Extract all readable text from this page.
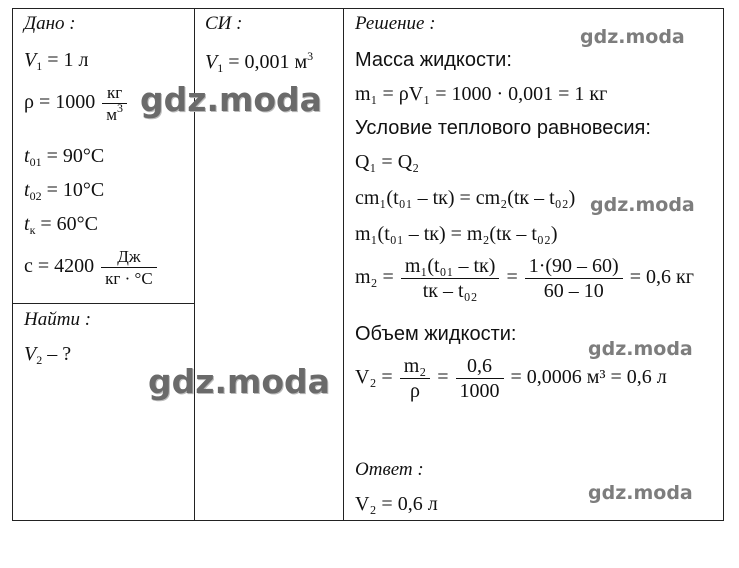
Дано :
$V_1 = 1$ л
$\rho = 1000 \frac{кг}{м^3}$
$t_{01} = 90^\circ C$
$t_{02} = 10^\circ C$
$t_к = 60^\circ C$
$c = 4200 \frac{Дж}{кг \cdot ^\circ C}$
Найти :
$V_2$ – ?
СИ :
$V_1 = 0,001$ $м^3$
Решение :
Масса жидкости:
m₁ = ρV₁ = 1000 · 0,001 = 1 кг
Условие теплового равновесия:
Q₁ = Q₂
cm₁(t₀₁ – tк) = cm₂(tк – t₀₂)
m₁(t₀₁ – tк) = m₂(tк – t₀₂)
$m_2 = \frac{\text{m₁(t₀₁ – tк)}}{\text{tк – t₀₂}} = \frac{1\cdot(90 - 60)}{60 - 10} = 0,6$ кг
Объем жидкости:
$V_2 = \frac{\text{m₂}}{\rho} = \frac{0,6}{1000} = 0,0006$ м³ = 0,6 л
Ответ :
V₂ = 0,6 л
gdz.moda
gdz.moda
gdz.moda
gdz.moda
gdz.moda
gdz.moda
